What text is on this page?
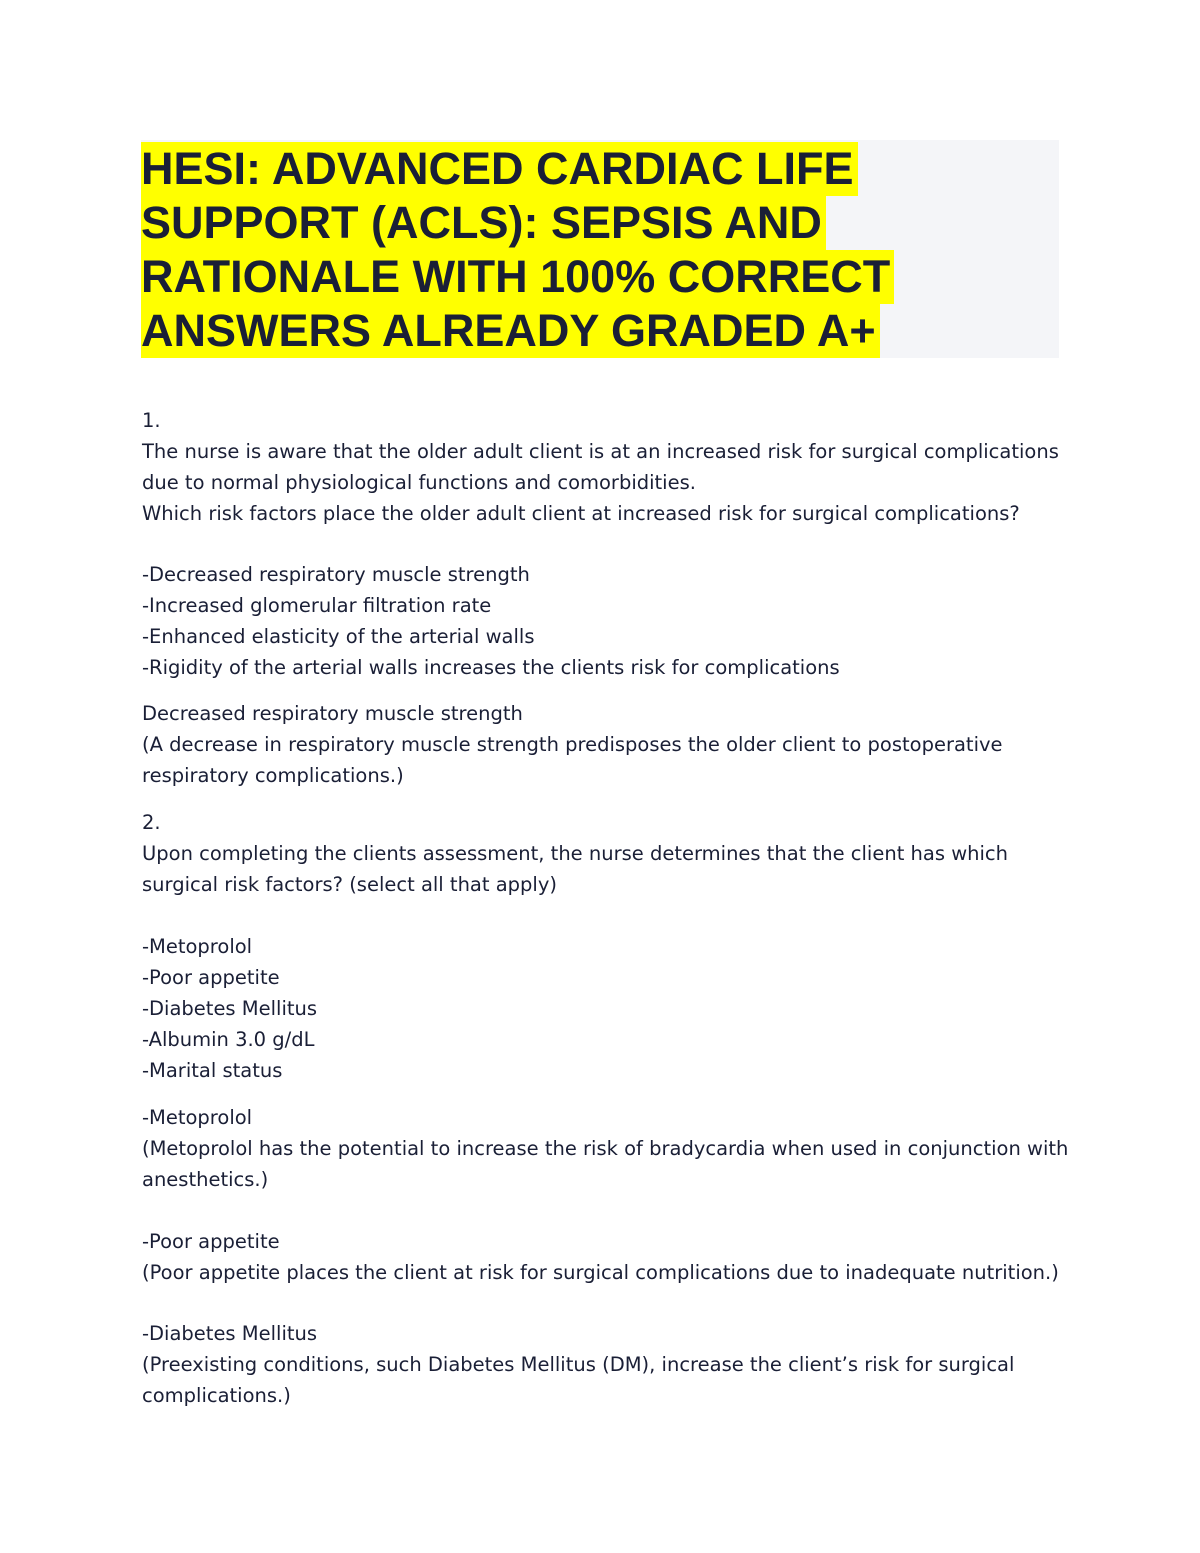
HESI: ADVANCED CARDIAC LIFE
SUPPORT (ACLS): SEPSIS AND
RATIONALE WITH 100% CORRECT
ANSWERS ALREADY GRADED A+
1.
The nurse is aware that the older adult client is at an increased risk for surgical complications
due to normal physiological functions and comorbidities.
Which risk factors place the older adult client at increased risk for surgical complications?
-Decreased respiratory muscle strength
-Increased glomerular filtration rate
-Enhanced elasticity of the arterial walls
-Rigidity of the arterial walls increases the clients risk for complications
Decreased respiratory muscle strength
(A decrease in respiratory muscle strength predisposes the older client to postoperative
respiratory complications.)
2.
Upon completing the clients assessment, the nurse determines that the client has which
surgical risk factors? (select all that apply)
-Metoprolol
-Poor appetite
-Diabetes Mellitus
-Albumin 3.0 g/dL
-Marital status
-Metoprolol
(Metoprolol has the potential to increase the risk of bradycardia when used in conjunction with
anesthetics.)
-Poor appetite
(Poor appetite places the client at risk for surgical complications due to inadequate nutrition.)
-Diabetes Mellitus
(Preexisting conditions, such Diabetes Mellitus (DM), increase the client’s risk for surgical
complications.)
